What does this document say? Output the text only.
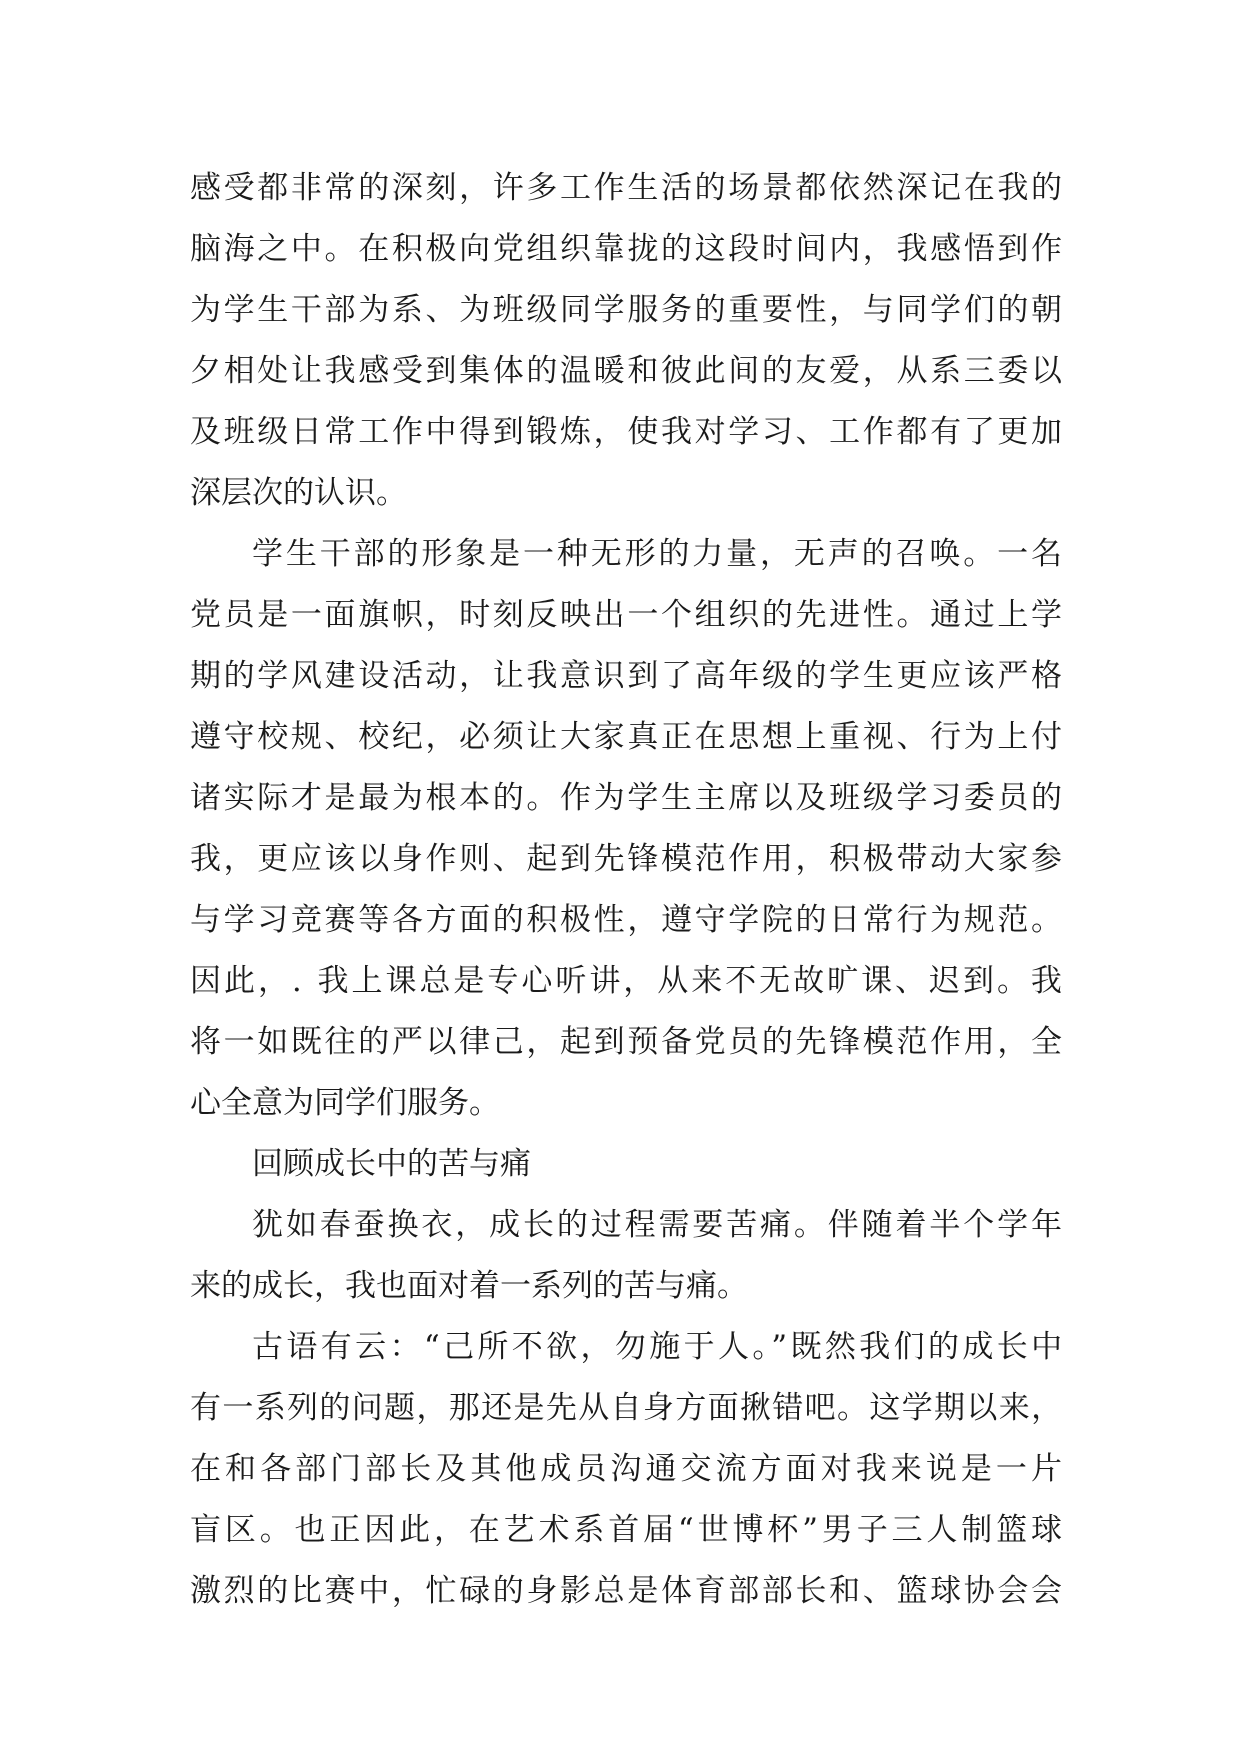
感受都非常的深刻，许多工作生活的场景都依然深记在我的
脑海之中。在积极向党组织靠拢的这段时间内，我感悟到作
为学生干部为系、为班级同学服务的重要性，与同学们的朝
夕相处让我感受到集体的温暖和彼此间的友爱，从系三委以
及班级日常工作中得到锻炼，使我对学习、工作都有了更加
深层次的认识。
学生干部的形象是一种无形的力量，无声的召唤。一名
党员是一面旗帜，时刻反映出一个组织的先进性。通过上学
期的学风建设活动，让我意识到了高年级的学生更应该严格
遵守校规、校纪，必须让大家真正在思想上重视、行为上付
诸实际才是最为根本的。作为学生主席以及班级学习委员的
我，更应该以身作则、起到先锋模范作用，积极带动大家参
与学习竞赛等各方面的积极性，遵守学院的日常行为规范。
因此，. 我上课总是专心听讲，从来不无故旷课、迟到。我
将一如既往的严以律己，起到预备党员的先锋模范作用，全
心全意为同学们服务。
回顾成长中的苦与痛
犹如春蚕换衣，成长的过程需要苦痛。伴随着半个学年
来的成长，我也面对着一系列的苦与痛。
古语有云：“己所不欲，勿施于人。”既然我们的成长中
有一系列的问题，那还是先从自身方面揪错吧。这学期以来，
在和各部门部长及其他成员沟通交流方面对我来说是一片
盲区。也正因此，在艺术系首届“世博杯”男子三人制篮球
激烈的比赛中，忙碌的身影总是体育部部长和、篮球协会会
